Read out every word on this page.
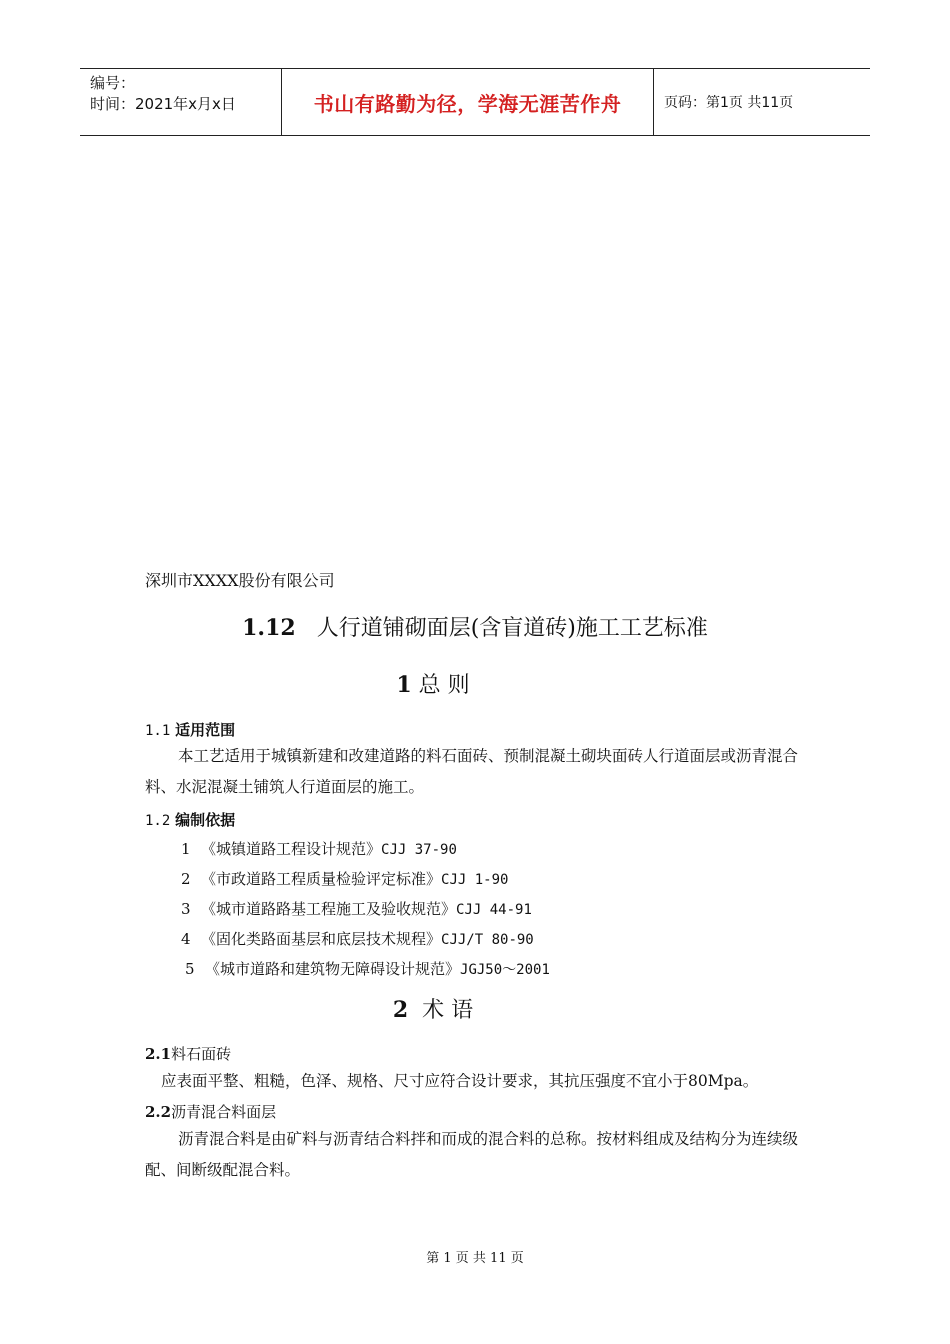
编号：
时间：2021年x月x日	书山有路勤为径，学海无涯苦作舟	页码：第1页 共11页
深圳市XXXX股份有限公司
1.12 人行道铺砌面层(含盲道砖)施工工艺标准
1 总 则
1.1 适用范围
本工艺适用于城镇新建和改建道路的料石面砖、预制混凝土砌块面砖人行道面层或沥青混合料、水泥混凝土铺筑人行道面层的施工。
1.2 编制依据
1 《城镇道路工程设计规范》CJJ 37-90
2 《市政道路工程质量检验评定标准》CJJ 1-90
3 《城市道路路基工程施工及验收规范》CJJ 44-91
4 《固化类路面基层和底层技术规程》CJJ/T 80-90
5 《城市道路和建筑物无障碍设计规范》JGJ50～2001
2 术 语
2.1料石面砖
应表面平整、粗糙，色泽、规格、尺寸应符合设计要求，其抗压强度不宜小于80Mpa。
2.2沥青混合料面层
沥青混合料是由矿料与沥青结合料拌和而成的混合料的总称。按材料组成及结构分为连续级配、间断级配混合料。
第 1 页 共 11 页
